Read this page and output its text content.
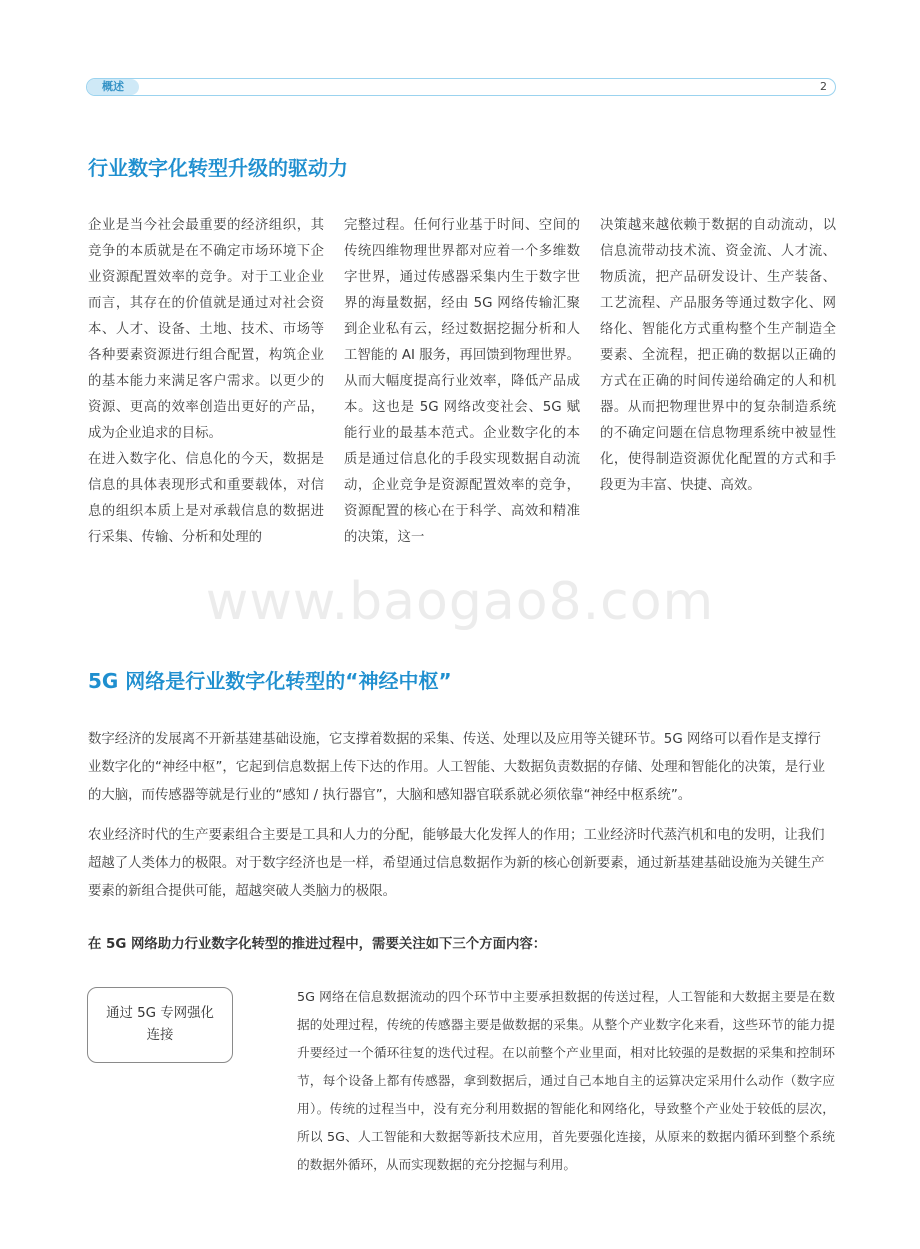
概述	2
行业数字化转型升级的驱动力

企业是当今社会最重要的经济组织，其竞争的本质就是在不确定市场环境下企业资源配置效率的竞争。对于工业企业而言，其存在的价值就是通过对社会资本、人才、设备、土地、技术、市场等各种要素资源进行组合配置，构筑企业的基本能力来满足客户需求。以更少的资源、更高的效率创造出更好的产品，成为企业追求的目标。

在进入数字化、信息化的今天，数据是信息的具体表现形式和重要载体，对信息的组织本质上是对承载信息的数据进行采集、传输、分析和处理的

完整过程。任何行业基于时间、空间的传统四维物理世界都对应着一个多维数字世界，通过传感器采集内生于数字世界的海量数据，经由 5G 网络传输汇聚到企业私有云，经过数据挖掘分析和人工智能的 AI 服务，再回馈到物理世界。从而大幅度提高行业效率，降低产品成本。这也是 5G 网络改变社会、5G 赋能行业的最基本范式。企业数字化的本质是通过信息化的手段实现数据自动流动，企业竞争是资源配置效率的竞争，资源配置的核心在于科学、高效和精准的决策，这一

决策越来越依赖于数据的自动流动，以信息流带动技术流、资金流、人才流、物质流，把产品研发设计、生产装备、工艺流程、产品服务等通过数字化、网络化、智能化方式重构整个生产制造全要素、全流程，把正确的数据以正确的方式在正确的时间传递给确定的人和机器。从而把物理世界中的复杂制造系统的不确定问题在信息物理系统中被显性化，使得制造资源优化配置的方式和手段更为丰富、快捷、高效。

www.baogao8.com
5G 网络是行业数字化转型的“神经中枢”

数字经济的发展离不开新基建基础设施，它支撑着数据的采集、传送、处理以及应用等关键环节。5G 网络可以看作是支撑行业数字化的“神经中枢”，它起到信息数据上传下达的作用。人工智能、大数据负责数据的存储、处理和智能化的决策，是行业的大脑，而传感器等就是行业的“感知 / 执行器官”，大脑和感知器官联系就必须依靠“神经中枢系统”。

农业经济时代的生产要素组合主要是工具和人力的分配，能够最大化发挥人的作用；工业经济时代蒸汽机和电的发明，让我们超越了人类体力的极限。对于数字经济也是一样，希望通过信息数据作为新的核心创新要素，通过新基建基础设施为关键生产要素的新组合提供可能，超越突破人类脑力的极限。

在 5G 网络助力行业数字化转型的推进过程中，需要关注如下三个方面内容：

通过 5G 专网强化连接

5G 网络在信息数据流动的四个环节中主要承担数据的传送过程，人工智能和大数据主要是在数据的处理过程，传统的传感器主要是做数据的采集。从整个产业数字化来看，这些环节的能力提升要经过一个循环往复的迭代过程。在以前整个产业里面，相对比较强的是数据的采集和控制环节，每个设备上都有传感器，拿到数据后，通过自己本地自主的运算决定采用什么动作（数字应用）。传统的过程当中，没有充分利用数据的智能化和网络化，导致整个产业处于较低的层次，所以 5G、人工智能和大数据等新技术应用，首先要强化连接，从原来的数据内循环到整个系统的数据外循环，从而实现数据的充分挖掘与利用。
